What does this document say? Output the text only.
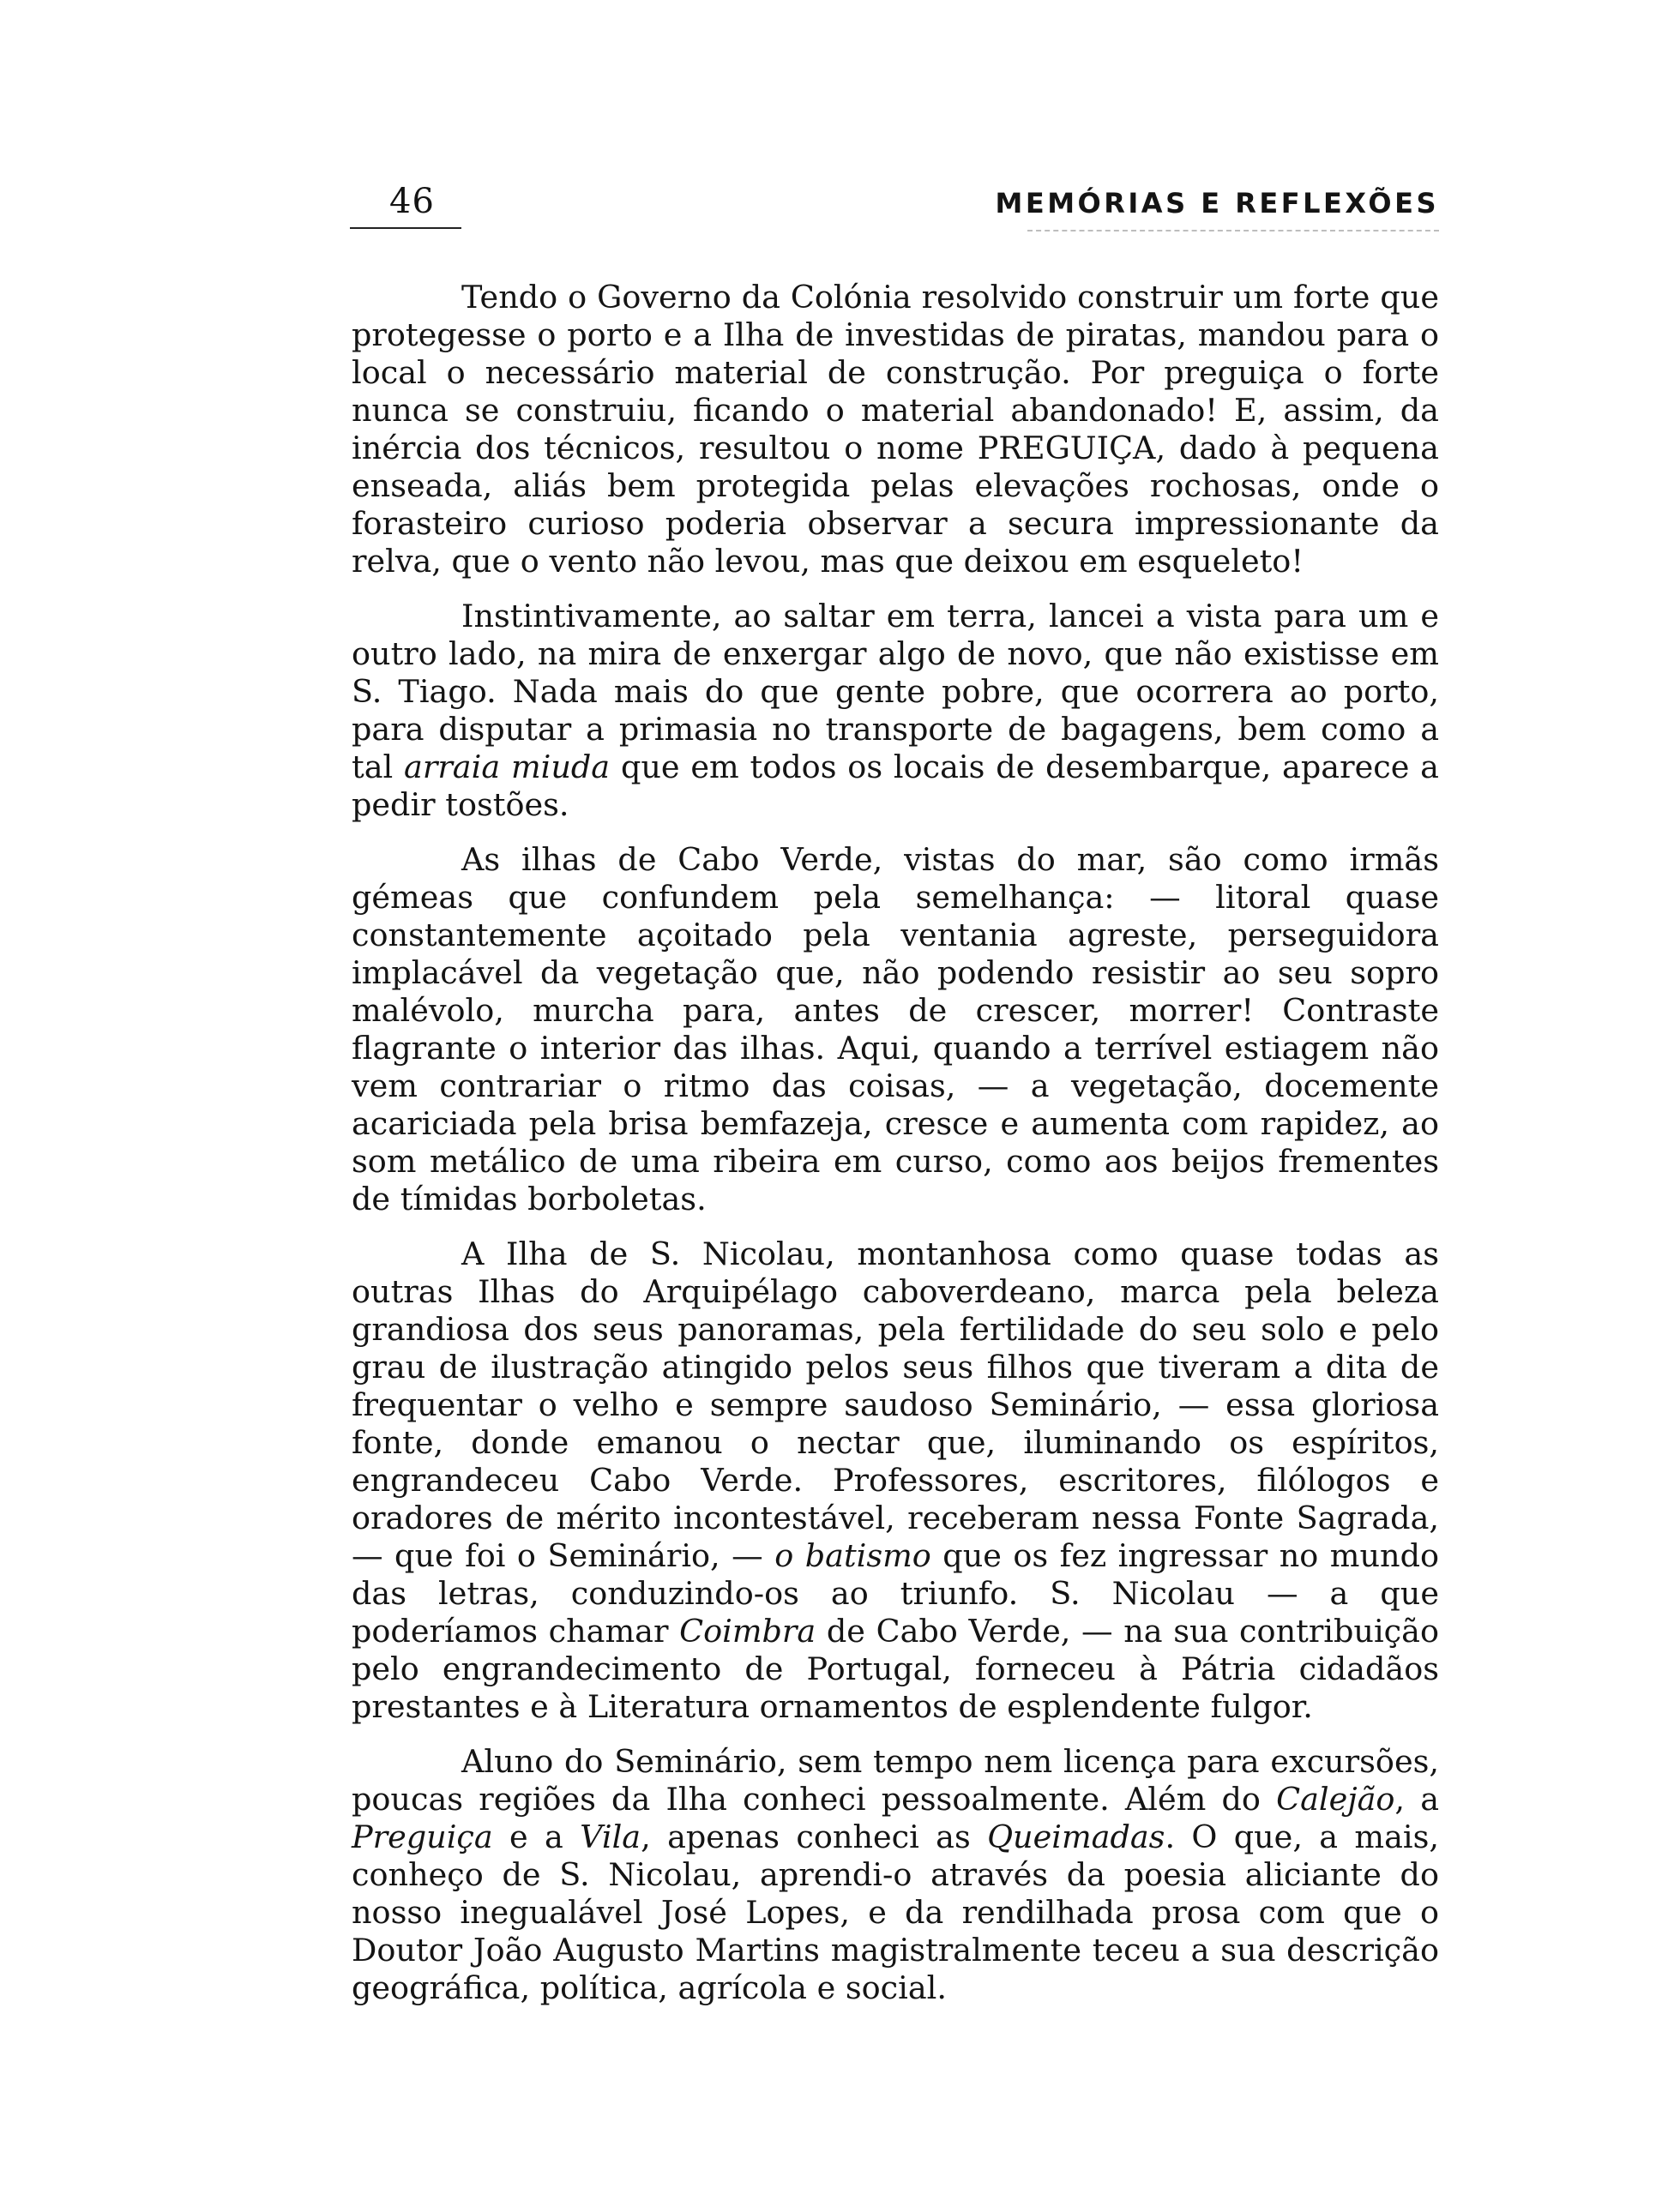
46	MEMÓRIAS E REFLEXÕES

Tendo o Governo da Colónia resolvido construir um forte que protegesse o porto e a Ilha de investidas de piratas, mandou para o local o necessário material de construção. Por preguiça o forte nunca se construiu, ficando o material abandonado! E, assim, da inércia dos técnicos, resultou o nome PREGUIÇA, dado à pequena enseada, aliás bem protegida pelas elevações rochosas, onde o forasteiro curioso poderia observar a secura impressionante da relva, que o vento não levou, mas que deixou em esqueleto!

Instintivamente, ao saltar em terra, lancei a vista para um e outro lado, na mira de enxergar algo de novo, que não existisse em S. Tiago. Nada mais do que gente pobre, que ocorrera ao porto, para disputar a primasia no transporte de bagagens, bem como a tal arraia miuda que em todos os locais de desembarque, aparece a pedir tostões.

As ilhas de Cabo Verde, vistas do mar, são como irmãs gémeas que confundem pela semelhança: — litoral quase constantemente açoitado pela ventania agreste, perseguidora implacável da vegetação que, não podendo resistir ao seu sopro malévolo, murcha para, antes de crescer, morrer! Contraste flagrante o interior das ilhas. Aqui, quando a terrível estiagem não vem contrariar o ritmo das coisas, — a vegetação, docemente acariciada pela brisa bemfazeja, cresce e aumenta com rapidez, ao som metálico de uma ribeira em curso, como aos beijos frementes de tímidas borboletas.

A Ilha de S. Nicolau, montanhosa como quase todas as outras Ilhas do Arquipélago caboverdeano, marca pela beleza grandiosa dos seus panoramas, pela fertilidade do seu solo e pelo grau de ilustração atingido pelos seus filhos que tiveram a dita de frequentar o velho e sempre saudoso Seminário, — essa gloriosa fonte, donde emanou o nectar que, iluminando os espíritos, engrandeceu Cabo Verde. Professores, escritores, filólogos e oradores de mérito incontestável, receberam nessa Fonte Sagrada, — que foi o Seminário, — o batismo que os fez ingressar no mundo das letras, conduzindo-os ao triunfo. S. Nicolau — a que poderíamos chamar Coimbra de Cabo Verde, — na sua contribuição pelo engrandecimento de Portugal, forneceu à Pátria cidadãos prestantes e à Literatura ornamentos de esplendente fulgor.

Aluno do Seminário, sem tempo nem licença para excursões, poucas regiões da Ilha conheci pessoalmente. Além do Calejão, a Preguiça e a Vila, apenas conheci as Queimadas. O que, a mais, conheço de S. Nicolau, aprendi-o através da poesia aliciante do nosso inegualável José Lopes, e da rendilhada prosa com que o Doutor João Augusto Martins magistralmente teceu a sua descrição geográfica, política, agrícola e social.
